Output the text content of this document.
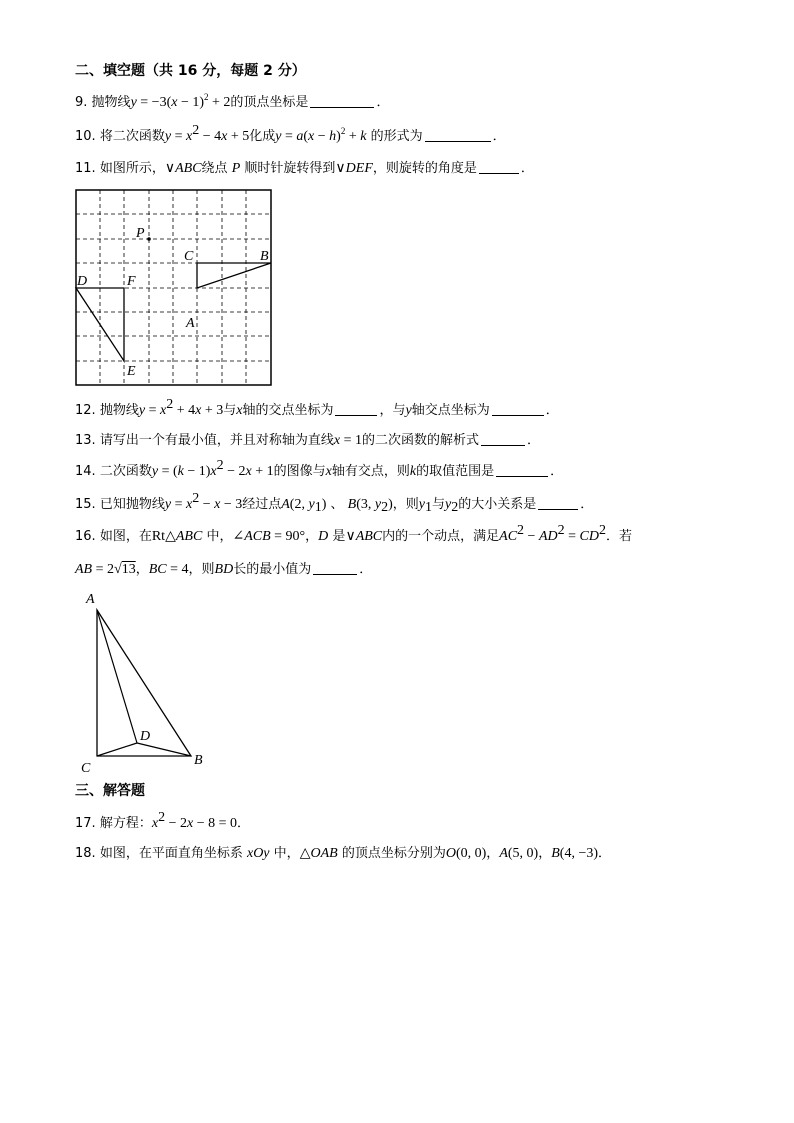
二、填空题（共 16 分，每题 2 分）
9. 抛物线$y = -3(x - 1)^2 + 2$的顶点坐标是	．
10. 将二次函数$y = x^2 - 4x + 5$化成$y = a(x - h)^2 + k$ 的形式为	．
11. 如图所示，∨ABC绕点 P 顺时针旋转得到∨DEF，则旋转的角度是	．
P
C	B
D	F
A
E
12. 抛物线$y = x^2 + 4x + 3$与x轴的交点坐标为	，与y轴交点坐标为	．
13. 请写出一个有最小值，并且对称轴为直线x = 1的二次函数的解析式	．
14. 二次函数$y = (k - 1)x^2 - 2x + 1$的图像与x轴有交点，则k的取值范围是	．
15. 已知抛物线$y = x^2 - x - 3$经过点A(2, $y_1$) 、 B(3, $y_2$)，则$y_1$与$y_2$的大小关系是	．
16. 如图，在Rt△ABC 中，∠ACB = 90°，D 是∨ABC内的一个动点，满足$AC^2 - AD^2 = CD^2$．若
AB = 2√13，BC = 4，则BD长的最小值为	．
A
D
C
B
三、解答题
17. 解方程：$x^2 - 2x - 8 = 0$．
18. 如图，在平面直角坐标系 xOy 中，△OAB 的顶点坐标分别为O(0, 0)，A(5, 0)，B(4, −3)．
